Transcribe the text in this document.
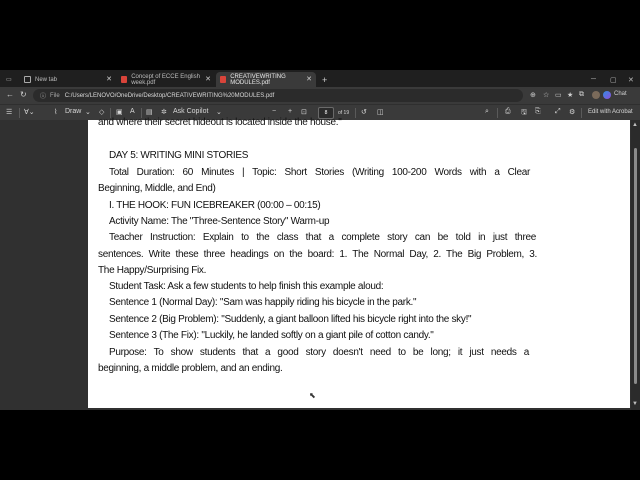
▭	New tab	✕	Concept of ECCE English week.pdf	✕	CREATIVEWRITING MODULES.pdf	✕	+	─	▢	✕
← ↻ ⓘ File C:/Users/LENOVO/OneDrive/Desktop/CREATIVEWRITING%20MODULES.pdf	⊕ ☆ ▭ ★ ⧉	Chat
☰ ∀⌄	⌇ Draw ⌄ ◇ ▣ A ▤ ✲ Ask Copilot ⌄	− + ⊡	8	of 19 ↺ ◫	⌕ ⎙ 🖫 ⎘ ⤢ ⚙ Edit with Acrobat
and where their secret hideout is located inside the house."
DAY 5: WRITING MINI STORIES
Total Duration: 60 Minutes | Topic: Short Stories (Writing 100-200 Words with a Clear
Beginning, Middle, and End)
I. THE HOOK: FUN ICEBREAKER (00:00 – 00:15)
Activity Name: The "Three-Sentence Story" Warm-up
Teacher Instruction: Explain to the class that a complete story can be told in just three
sentences. Write these three headings on the board: 1. The Normal Day, 2. The Big Problem, 3.
The Happy/Surprising Fix.
Student Task: Ask a few students to help finish this example aloud:
Sentence 1 (Normal Day): "Sam was happily riding his bicycle in the park."
Sentence 2 (Big Problem): "Suddenly, a giant balloon lifted his bicycle right into the sky!"
Sentence 3 (The Fix): "Luckily, he landed softly on a giant pile of cotton candy."
Purpose: To show students that a good story doesn't need to be long; it just needs a
beginning, a middle problem, and an ending.
▲
▼
⬉
